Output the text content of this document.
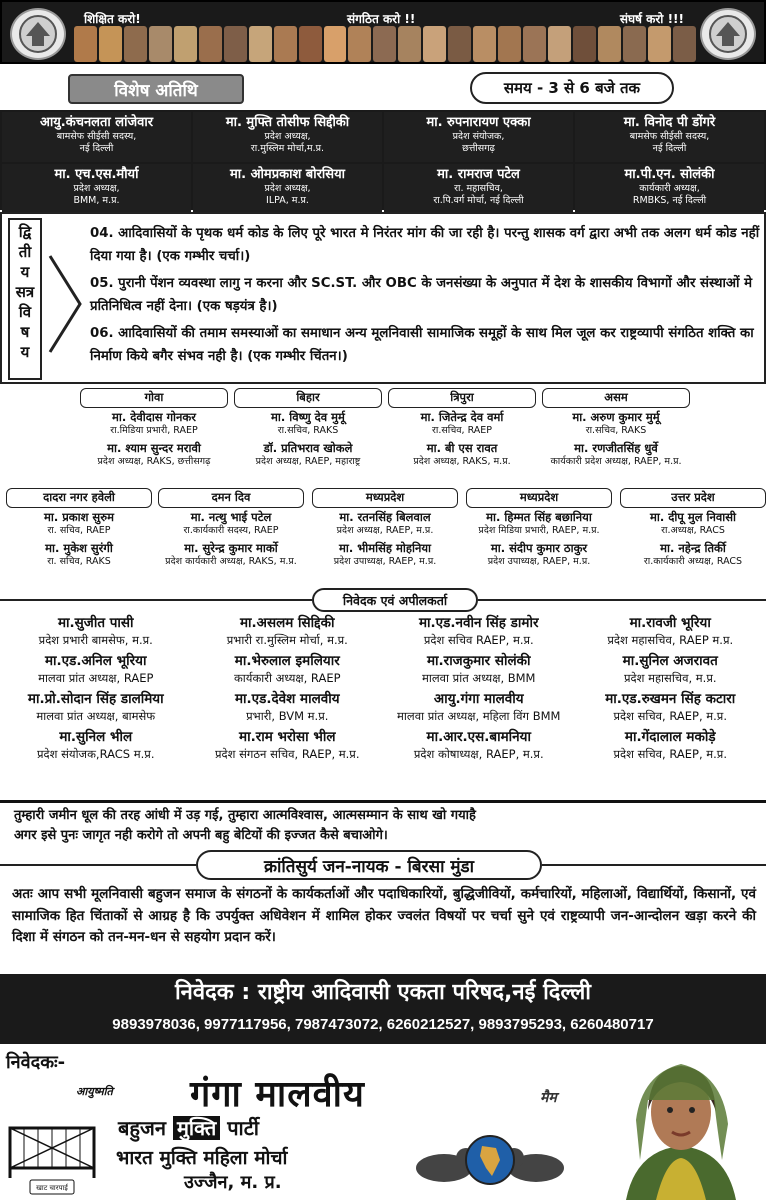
शिक्षित करो!	संगठित करो !!	संघर्ष करो !!!
विशेष अतिथि	समय - 3 से 6 बजे तक
आयु.कंचनलता लांजेवार
बामसेफ सीईसी सदस्य,
नई दिल्ली
मा. मुफ्ति तोसीफ सिद्दीकी
प्रदेश अध्यक्ष,
रा.मुस्लिम मोर्चा,म.प्र.
मा. रुपनारायण एक्का
प्रदेश संयोजक,
छत्तीसगढ़
मा. विनोद पी डोंगरे
बामसेफ सीईसी सदस्य,
नई दिल्ली
मा. एच.एस.मौर्या
प्रदेश अध्यक्ष,
BMM, म.प्र.
मा. ओमप्रकाश बोरसिया
प्रदेश अध्यक्ष,
ILPA, म.प्र.
मा. रामराज पटेल
रा. महासचिव,
रा.पि.वर्ग मोर्चा, नई दिल्ली
मा.पी.एन. सोलंकी
कार्यकारी अध्यक्ष,
RMBKS, नई दिल्ली
द्वि
ती
य
सत्र
वि
ष
य
04. आदिवासियों के पृथक धर्म कोड के लिए पूरे भारत मे निरंतर मांग की जा रही है। परन्तु शासक वर्ग द्वारा अभी तक अलग धर्म कोड नहीं दिया गया है। (एक गम्भीर चर्चा।)
05. पुरानी पेंशन व्यवस्था लागु न करना और SC.ST. और OBC के जनसंख्या के अनुपात में देश के शासकीय विभागों और संस्थाओं मे प्रतिनिधित्व नहीं देना। (एक षड़यंत्र है।)
06. आदिवासियों की तमाम समस्याओं का समाधान अन्य मूलनिवासी सामाजिक समूहों के साथ मिल जूल कर राष्ट्रव्यापी संगठित शक्ति का निर्माण किये बगैर संभव नही है। (एक गम्भीर चिंतन।)
गोवा
मा. देवीदास गोनकर
रा.मिडिया प्रभारी, RAEP
मा. श्याम सुन्दर मरावी
प्रदेश अध्यक्ष, RAKS, छत्तीसगढ़
बिहार
मा. विष्णु देव मुर्मू
रा.सचिव, RAKS
डॉ. प्रतिभराव खोकले
प्रदेश अध्यक्ष, RAEP, महाराष्ट्र
त्रिपुरा
मा. जितेन्द्र देव वर्मा
रा.सचिव, RAEP
मा. बी एस रावत
प्रदेश अध्यक्ष, RAKS, म.प्र.
असम
मा. अरुण कुमार मुर्मू
रा.सचिव, RAKS
मा. रणजीतसिंह धुर्वे
कार्यकारी प्रदेश अध्यक्ष, RAEP, म.प्र.
दादरा नगर हवेली
मा. प्रकाश सुरुम
रा. सचिव, RAEP
मा. मुकेश सुरंगी
रा. सचिव, RAKS
दमन दिव
मा. नत्थु भाई पटेल
रा.कार्यकारी सदस्य, RAEP
मा. सुरेन्द्र कुमार मार्को
प्रदेश कार्यकारी अध्यक्ष, RAKS, म.प्र.
मध्यप्रदेश
मा. रतनसिंह बिलवाल
प्रदेश अध्यक्ष, RAEP, म.प्र.
मा. भीमसिंह मोहनिया
प्रदेश उपाध्यक्ष, RAEP, म.प्र.
मध्यप्रदेश
मा. हिम्मत सिंह बछानिया
प्रदेश मिडिया प्रभारी, RAEP, म.प्र.
मा. संदीप कुमार ठाकुर
प्रदेश उपाध्यक्ष, RAEP, म.प्र.
उत्तर प्रदेश
मा. दीपू मुल निवासी
रा.अध्यक्ष, RACS
मा. नहेन्द्र तिर्की
रा.कार्यकारी अध्यक्ष, RACS
निवेदक एवं अपीलकर्ता
मा.सुजीत पासी
प्रदेश प्रभारी बामसेफ, म.प्र.
मा.असलम सिद्दिकी
प्रभारी रा.मुस्लिम मोर्चा, म.प्र.
मा.एड.नवीन सिंह डामोर
प्रदेश सचिव RAEP, म.प्र.
मा.रावजी भूरिया
प्रदेश महासचिव, RAEP म.प्र.
मा.एड.अनिल भूरिया
मालवा प्रांत अध्यक्ष, RAEP
मा.भेरुलाल इमलियार
कार्यकारी अध्यक्ष, RAEP
मा.राजकुमार सोलंकी
मालवा प्रांत अध्यक्ष, BMM
मा.सुनिल अजरावत
प्रदेश महासचिव, म.प्र.
मा.प्रो.सोदान सिंह डालमिया
मालवा प्रांत अध्यक्ष, बामसेफ
मा.एड.देवेश मालवीय
प्रभारी, BVM म.प्र.
आयु.गंगा मालवीय
मालवा प्रांत अध्यक्ष, महिला विंग BMM
मा.एड.रुखमन सिंह कटारा
प्रदेश सचिव, RAEP, म.प्र.
मा.सुनिल भील
प्रदेश संयोजक,RACS म.प्र.
मा.राम भरोसा भील
प्रदेश संगठन सचिव, RAEP, म.प्र.
मा.आर.एस.बामनिया
प्रदेश कोषाध्यक्ष, RAEP, म.प्र.
मा.गेंदालाल मकोड़े
प्रदेश सचिव, RAEP, म.प्र.
तुम्हारी जमीन धूल की तरह आंधी में उड़ गई, तुम्हारा आत्मविश्वास, आत्मसम्मान के साथ खो गयाहै
अगर इसे पुनः जागृत नही करोगे तो अपनी बहु बेटियों की इज्जत कैसे बचाओगे।
क्रांतिसुर्य जन-नायक - बिरसा मुंडा
अतः आप सभी मूलनिवासी बहुजन समाज के संगठनों के कार्यकर्ताओं और पदाधिकारियों, बुद्धिजीवियों, कर्मचारियों, महिलाओं, विद्यार्थियों, किसानों, एवं सामाजिक हित चिंताकों से आग्रह है कि उपर्युक्त अधिवेशन में शामिल होकर ज्वलंत विषयों पर चर्चा सुने एवं राष्ट्रव्यापी जन-आन्दोलन खड़ा करने की दिशा में संगठन को तन-मन-धन से सहयोग प्रदान करें।
निवेदक : राष्ट्रीय आदिवासी एकता परिषद,नई दिल्ली
9893978036, 9977117956, 7987473072, 6260212527, 9893795293, 6260480717
निवेदकः-
आयुष्मति गंगा मालवीय	मैम
बहुजन मुक्ति पार्टी
भारत मुक्ति महिला मोर्चा
उज्जैन, म. प्र.
खाट चारपाई
